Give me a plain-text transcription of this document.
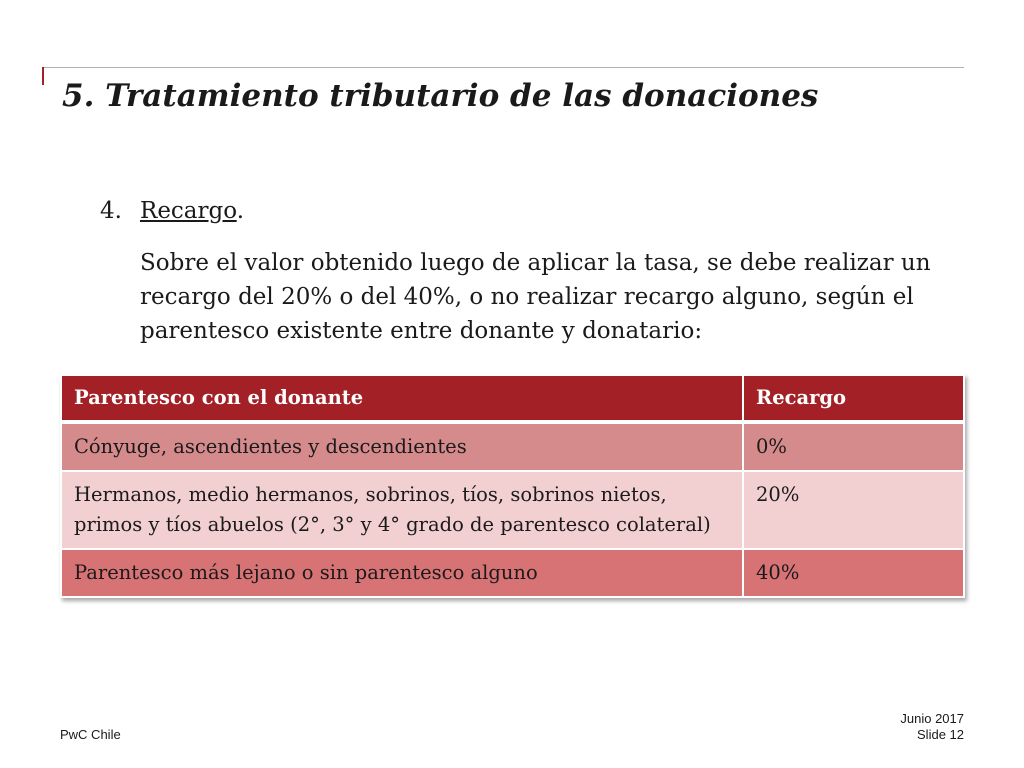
5. Tratamiento tributario de las donaciones
4. Recargo.

Sobre el valor obtenido luego de aplicar la tasa, se debe realizar un recargo del 20% o del 40%, o no realizar recargo alguno, según el parentesco existente entre donante y donatario:

Parentesco con el donante	Recargo
Cónyuge, ascendientes y descendientes	0%
Hermanos, medio hermanos, sobrinos, tíos, sobrinos nietos, primos y tíos abuelos (2°, 3° y 4° grado de parentesco colateral)	20%
Parentesco más lejano o sin parentesco alguno	40%
PwC Chile
Junio 2017
Slide 12
